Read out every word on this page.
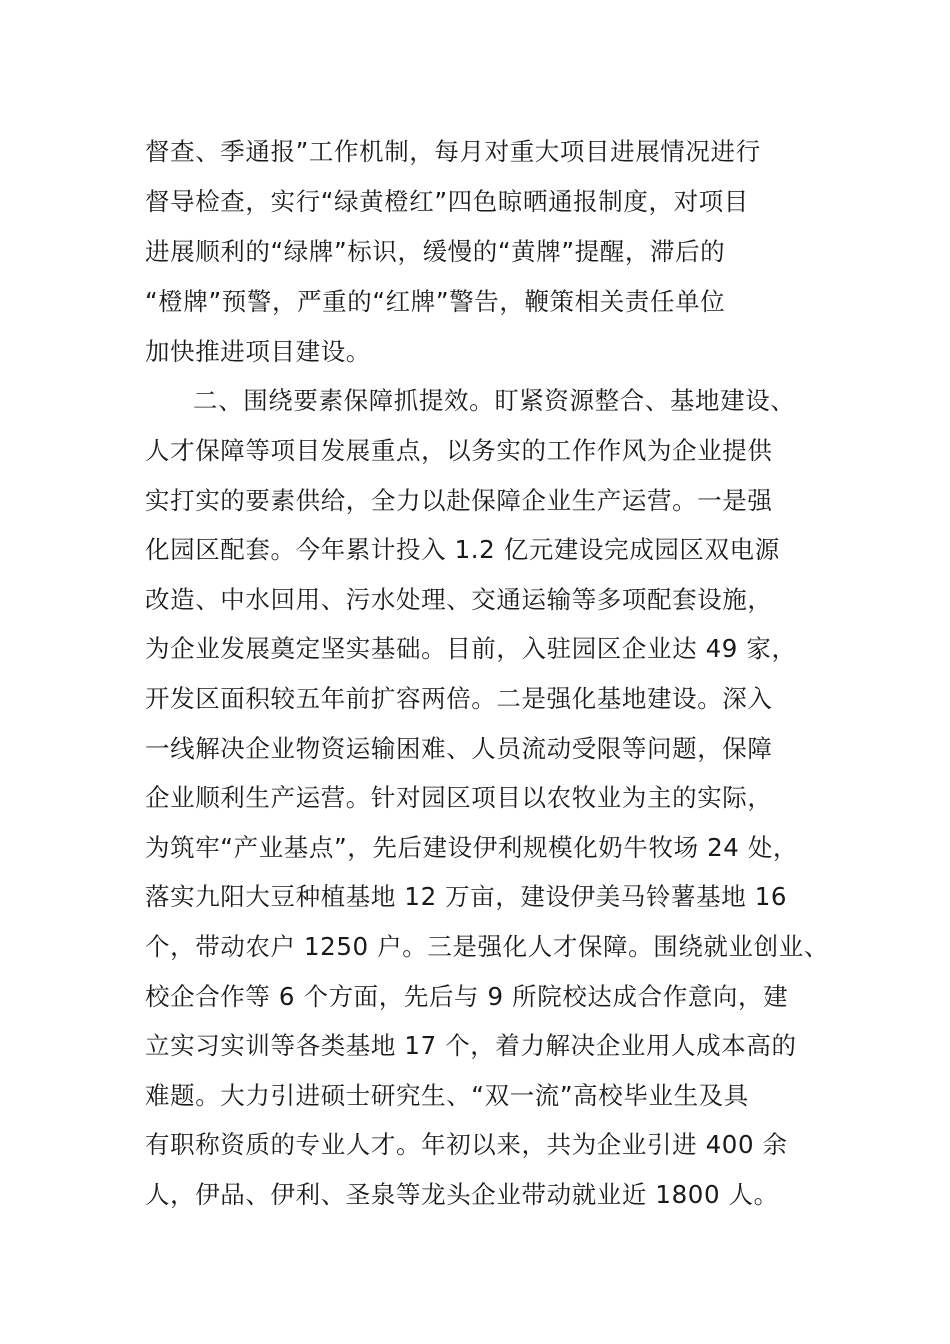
督查、季通报”工作机制，每月对重大项目进展情况进行
督导检查，实行“绿黄橙红”四色晾晒通报制度，对项目
进展顺利的“绿牌”标识，缓慢的“黄牌”提醒，滞后的
“橙牌”预警，严重的“红牌”警告，鞭策相关责任单位
加快推进项目建设。
二、围绕要素保障抓提效。盯紧资源整合、基地建设、
人才保障等项目发展重点，以务实的工作作风为企业提供
实打实的要素供给，全力以赴保障企业生产运营。一是强
化园区配套。今年累计投入 1.2 亿元建设完成园区双电源
改造、中水回用、污水处理、交通运输等多项配套设施，
为企业发展奠定坚实基础。目前，入驻园区企业达 49 家，
开发区面积较五年前扩容两倍。二是强化基地建设。深入
一线解决企业物资运输困难、人员流动受限等问题，保障
企业顺利生产运营。针对园区项目以农牧业为主的实际，
为筑牢“产业基点”，先后建设伊利规模化奶牛牧场 24 处，
落实九阳大豆种植基地 12 万亩，建设伊美马铃薯基地 16
个，带动农户 1250 户。三是强化人才保障。围绕就业创业、
校企合作等 6 个方面，先后与 9 所院校达成合作意向，建
立实习实训等各类基地 17 个，着力解决企业用人成本高的
难题。大力引进硕士研究生、“双一流”高校毕业生及具
有职称资质的专业人才。年初以来，共为企业引进 400 余
人，伊品、伊利、圣泉等龙头企业带动就业近 1800 人。
